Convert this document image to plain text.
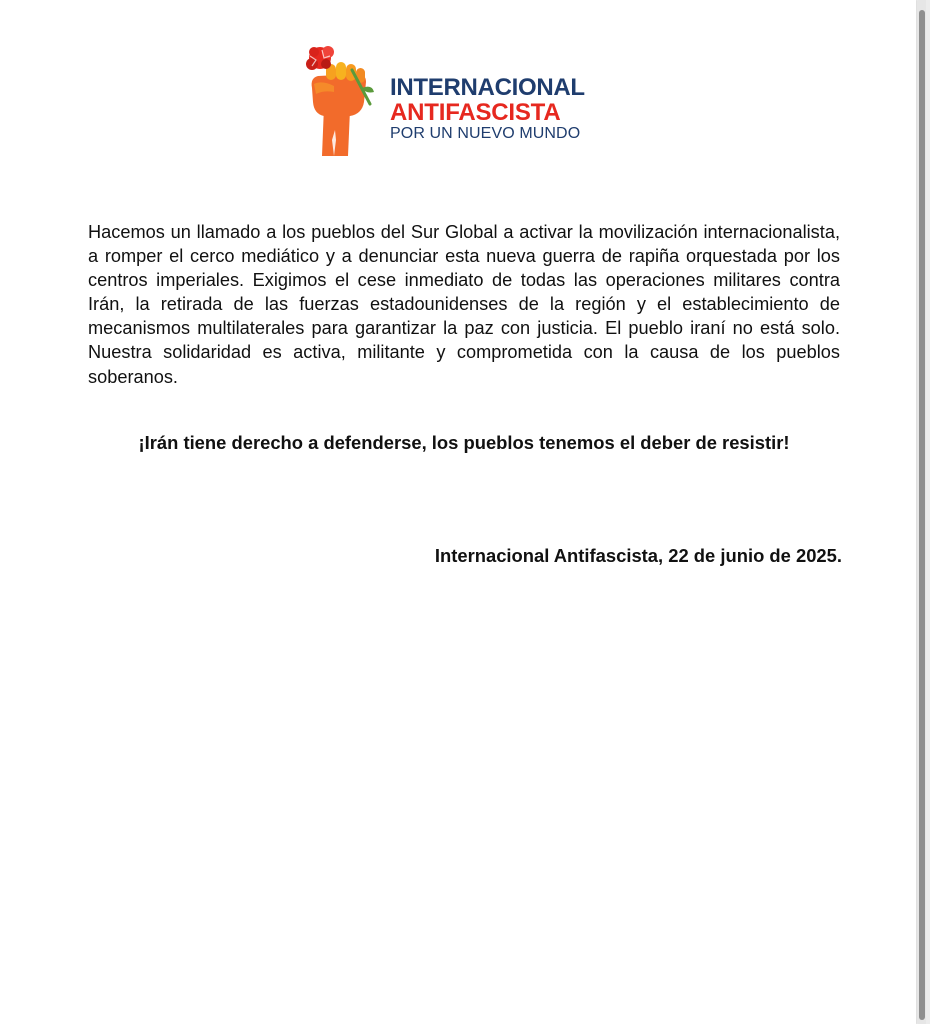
INTERNACIONAL
ANTIFASCISTA
POR UN NUEVO MUNDO

Hacemos un llamado a los pueblos del Sur Global a activar la movilización internacionalista, a romper el cerco mediático y a denunciar esta nueva guerra de rapiña orquestada por los centros imperiales. Exigimos el cese inmediato de todas las operaciones militares contra Irán, la retirada de las fuerzas estadounidenses de la región y el establecimiento de mecanismos multilaterales para garantizar la paz con justicia. El pueblo iraní no está solo. Nuestra solidaridad es activa, militante y comprometida con la causa de los pueblos soberanos.

¡Irán tiene derecho a defenderse, los pueblos tenemos el deber de resistir!

Internacional Antifascista, 22 de junio de 2025.
